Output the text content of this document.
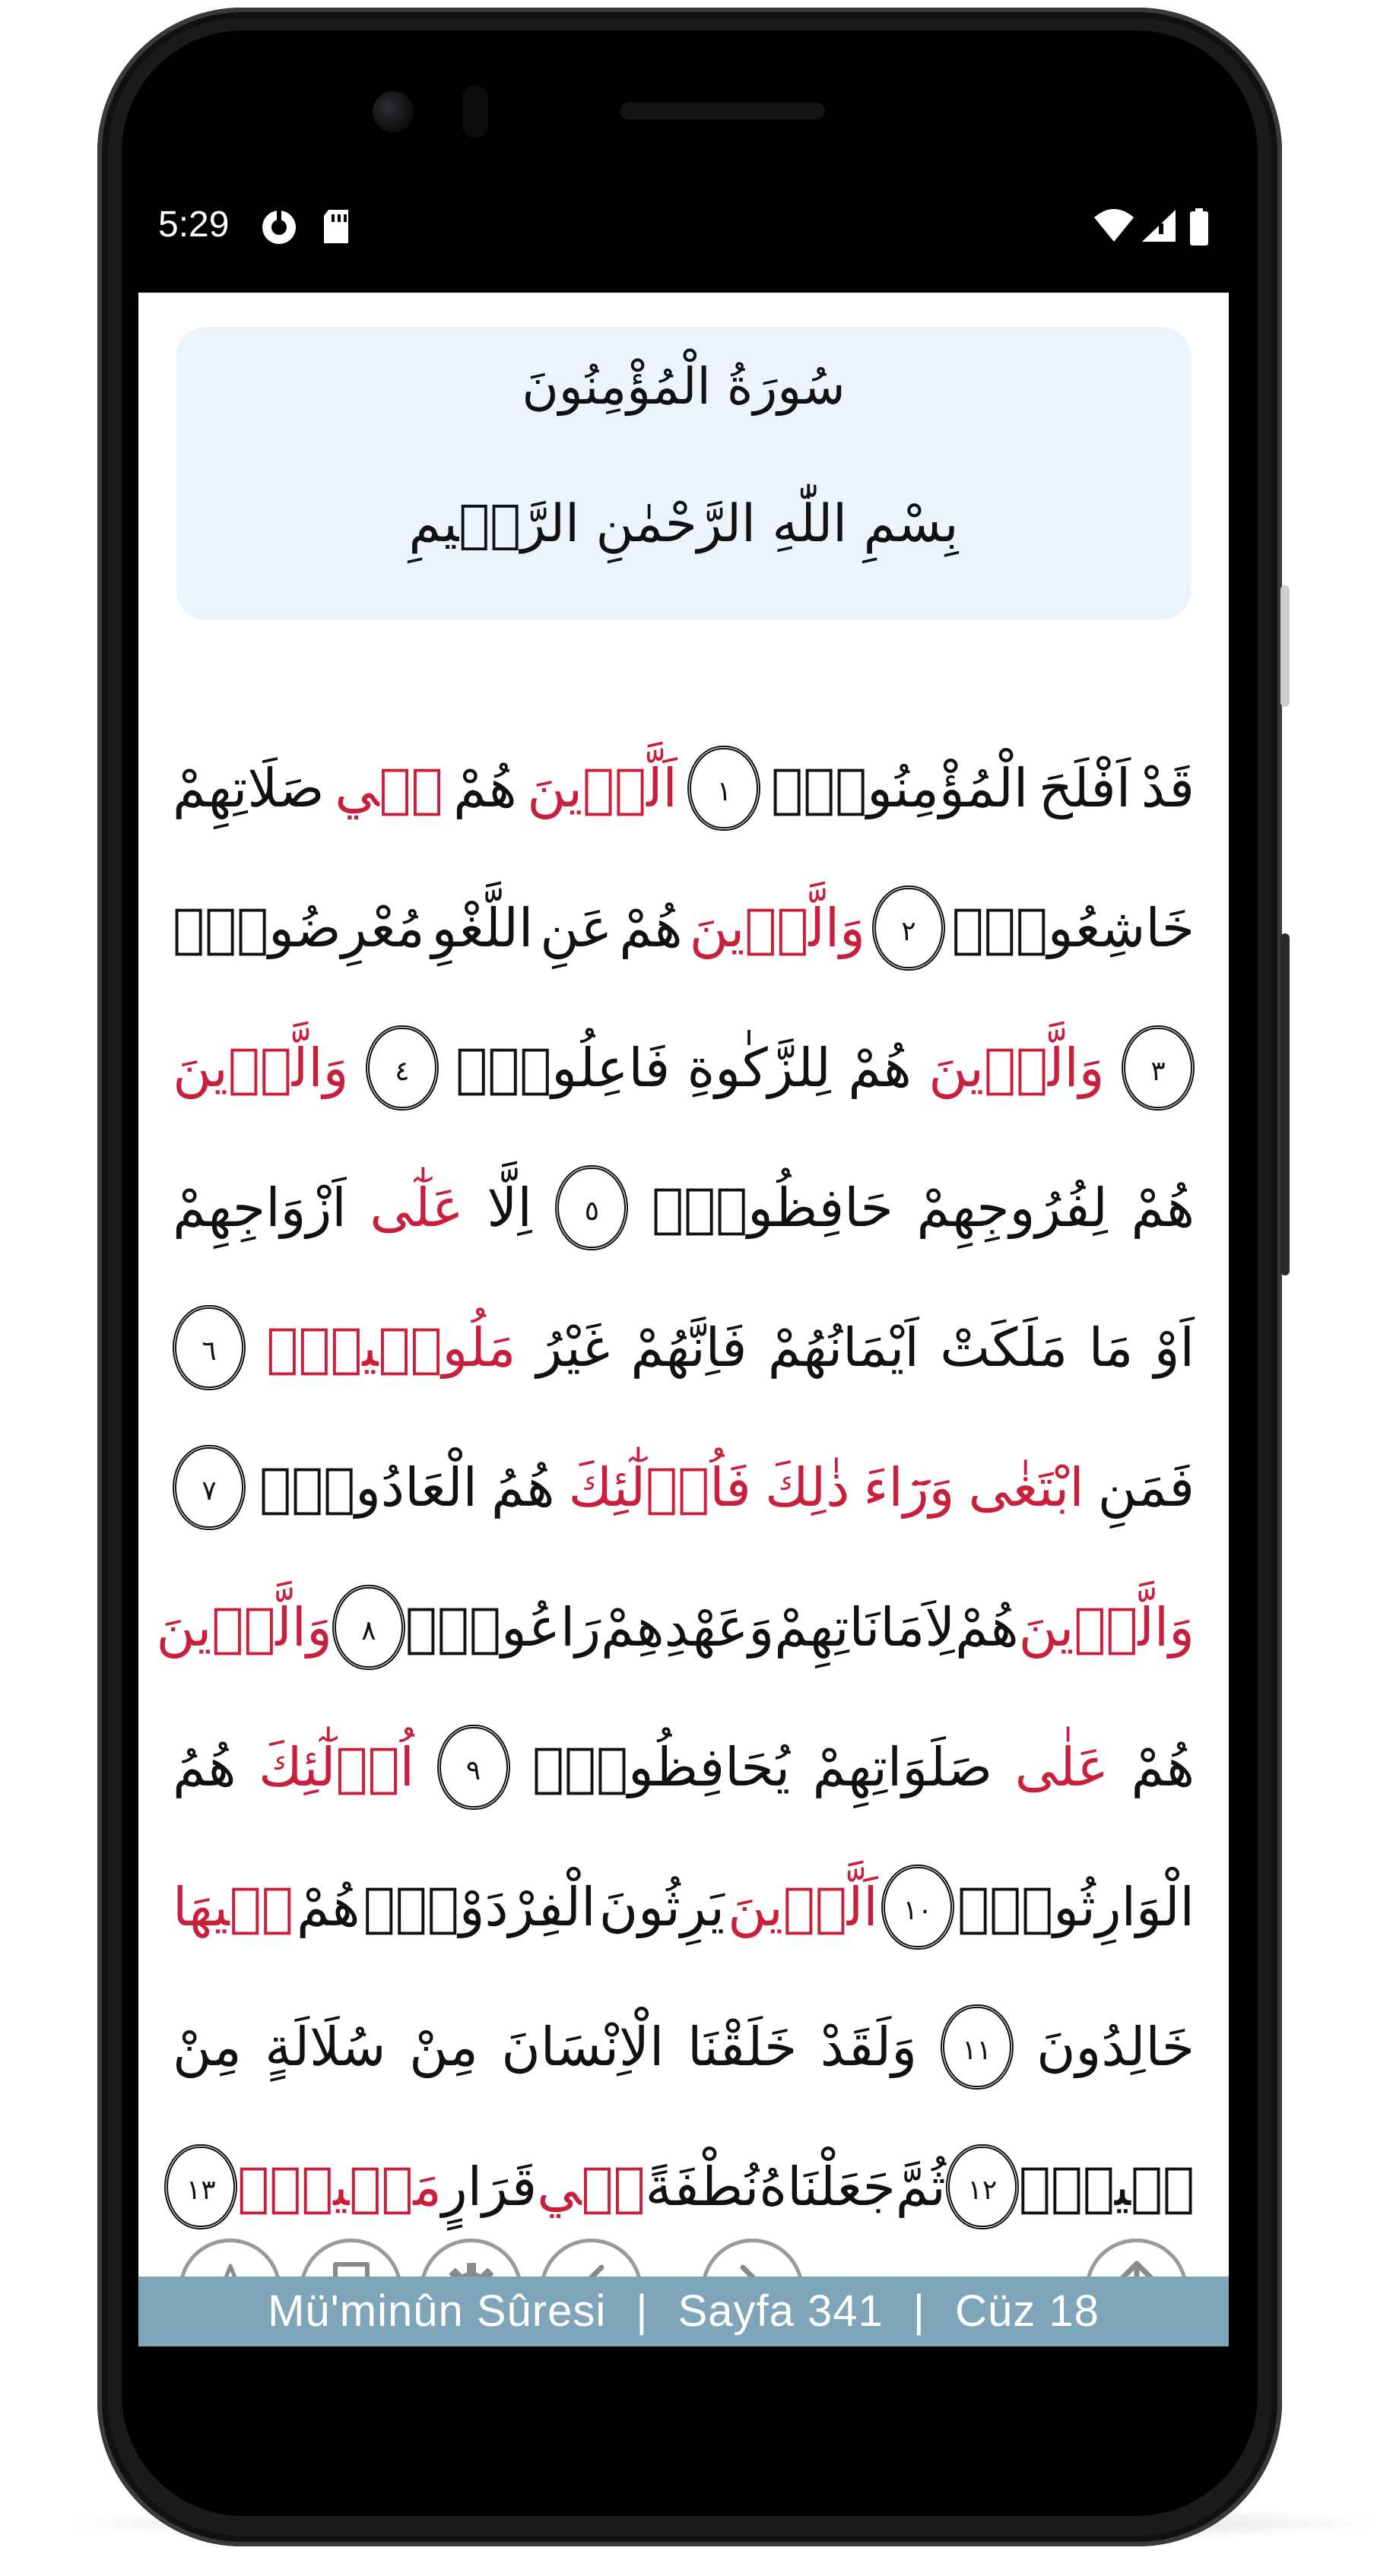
5:29
سُورَةُ الْمُؤْمِنُونَ
بِسْمِ اللّٰهِ الرَّحْمٰنِ الرَّح۪يمِ
قَدْ
اَفْلَحَ
الْمُؤْمِنُونَۙ
١
اَلَّذ۪ينَ
هُمْ
ف۪ي
صَلَاتِهِمْ
خَاشِعُونَۙ
٢
وَالَّذ۪ينَ
هُمْ
عَنِ
اللَّغْوِ
مُعْرِضُونَۙ
٣
وَالَّذ۪ينَ
هُمْ
لِلزَّكٰوةِ
فَاعِلُونَۙ
٤
وَالَّذ۪ينَ
هُمْ
لِفُرُوجِهِمْ
حَافِظُونَۙ
٥
اِلَّا
عَلٰٓى
اَزْوَاجِهِمْ
اَوْ
مَا
مَلَكَتْ
اَيْمَانُهُمْ
فَاِنَّهُمْ
غَيْرُ
مَلُوم۪ينَۚ
٦
فَمَنِ
ابْتَغٰى
وَرَٓاءَ
ذٰلِكَ
فَاُو۬لٰٓئِكَ
هُمُ
الْعَادُونَۚ
٧
وَالَّذ۪ينَ
هُمْ
لِاَمَانَاتِهِمْ
وَعَهْدِهِمْ
رَاعُونَۙ
٨
وَالَّذ۪ينَ
هُمْ
عَلٰى
صَلَوَاتِهِمْ
يُحَافِظُونَۢ
٩
اُو۬لٰٓئِكَ
هُمُ
الْوَارِثُونَۙ
١٠
اَلَّذ۪ينَ
يَرِثُونَ
الْفِرْدَوْسَۜ
هُمْ
ف۪يهَا
خَالِدُونَ
١١
وَلَقَدْ
خَلَقْنَا
الْاِنْسَانَ
مِنْ
سُلَالَةٍ
مِنْ
ط۪ينٍۚ
١٢
ثُمَّ
جَعَلْنَاهُ
نُطْفَةً
ف۪ي
قَرَارٍ
مَك۪ينٍۖ
١٣
Mü'minûn Sûresi | Sayfa 341 | Cüz 18
